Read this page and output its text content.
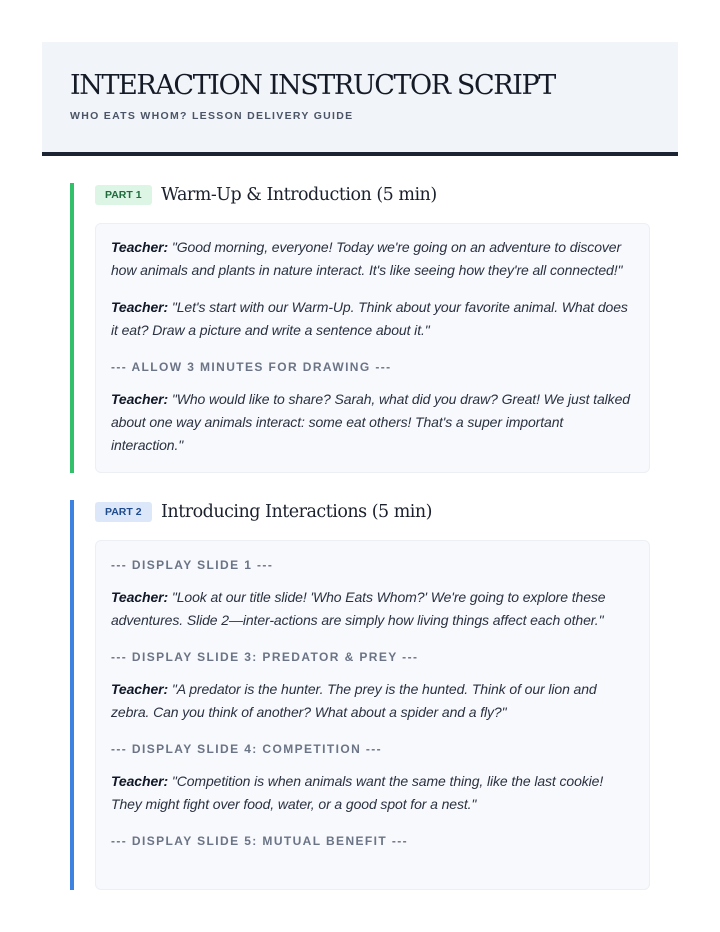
INTERACTION INSTRUCTOR SCRIPT
WHO EATS WHOM? LESSON DELIVERY GUIDE
PART 1 Warm-Up & Introduction (5 min)
Teacher: "Good morning, everyone! Today we're going on an adventure to discover how animals and plants in nature interact. It's like seeing how they're all connected!"
Teacher: "Let's start with our Warm-Up. Think about your favorite animal. What does it eat? Draw a picture and write a sentence about it."
--- ALLOW 3 MINUTES FOR DRAWING ---
Teacher: "Who would like to share? Sarah, what did you draw? Great! We just talked about one way animals interact: some eat others! That's a super important interaction."
PART 2 Introducing Interactions (5 min)
--- DISPLAY SLIDE 1 ---
Teacher: "Look at our title slide! 'Who Eats Whom?' We're going to explore these adventures. Slide 2—inter-actions are simply how living things affect each other."
--- DISPLAY SLIDE 3: PREDATOR & PREY ---
Teacher: "A predator is the hunter. The prey is the hunted. Think of our lion and zebra. Can you think of another? What about a spider and a fly?"
--- DISPLAY SLIDE 4: COMPETITION ---
Teacher: "Competition is when animals want the same thing, like the last cookie! They might fight over food, water, or a good spot for a nest."
--- DISPLAY SLIDE 5: MUTUAL BENEFIT ---
